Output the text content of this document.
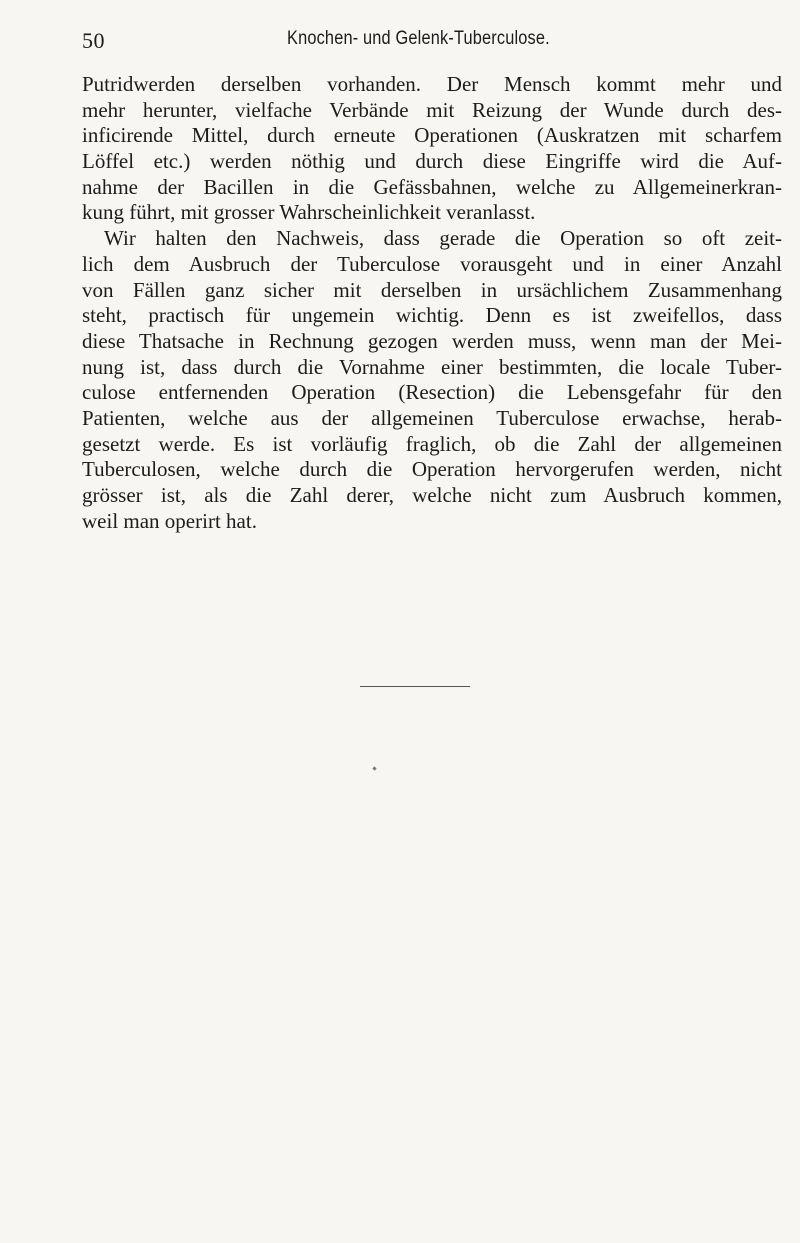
50	Knochen- und Gelenk-Tuberculose.
Putridwerden derselben vorhanden. Der Mensch kommt mehr und
mehr herunter, vielfache Verbände mit Reizung der Wunde durch des-
inficirende Mittel, durch erneute Operationen (Auskratzen mit scharfem
Löffel etc.) werden nöthig und durch diese Eingriffe wird die Auf-
nahme der Bacillen in die Gefässbahnen, welche zu Allgemeinerkran-
kung führt, mit grosser Wahrscheinlichkeit veranlasst.
Wir halten den Nachweis, dass gerade die Operation so oft zeit-
lich dem Ausbruch der Tuberculose vorausgeht und in einer Anzahl
von Fällen ganz sicher mit derselben in ursächlichem Zusammenhang
steht, practisch für ungemein wichtig. Denn es ist zweifellos, dass
diese Thatsache in Rechnung gezogen werden muss, wenn man der Mei-
nung ist, dass durch die Vornahme einer bestimmten, die locale Tuber-
culose entfernenden Operation (Resection) die Lebensgefahr für den
Patienten, welche aus der allgemeinen Tuberculose erwachse, herab-
gesetzt werde. Es ist vorläufig fraglich, ob die Zahl der allgemeinen
Tuberculosen, welche durch die Operation hervorgerufen werden, nicht
grösser ist, als die Zahl derer, welche nicht zum Ausbruch kommen,
weil man operirt hat.
